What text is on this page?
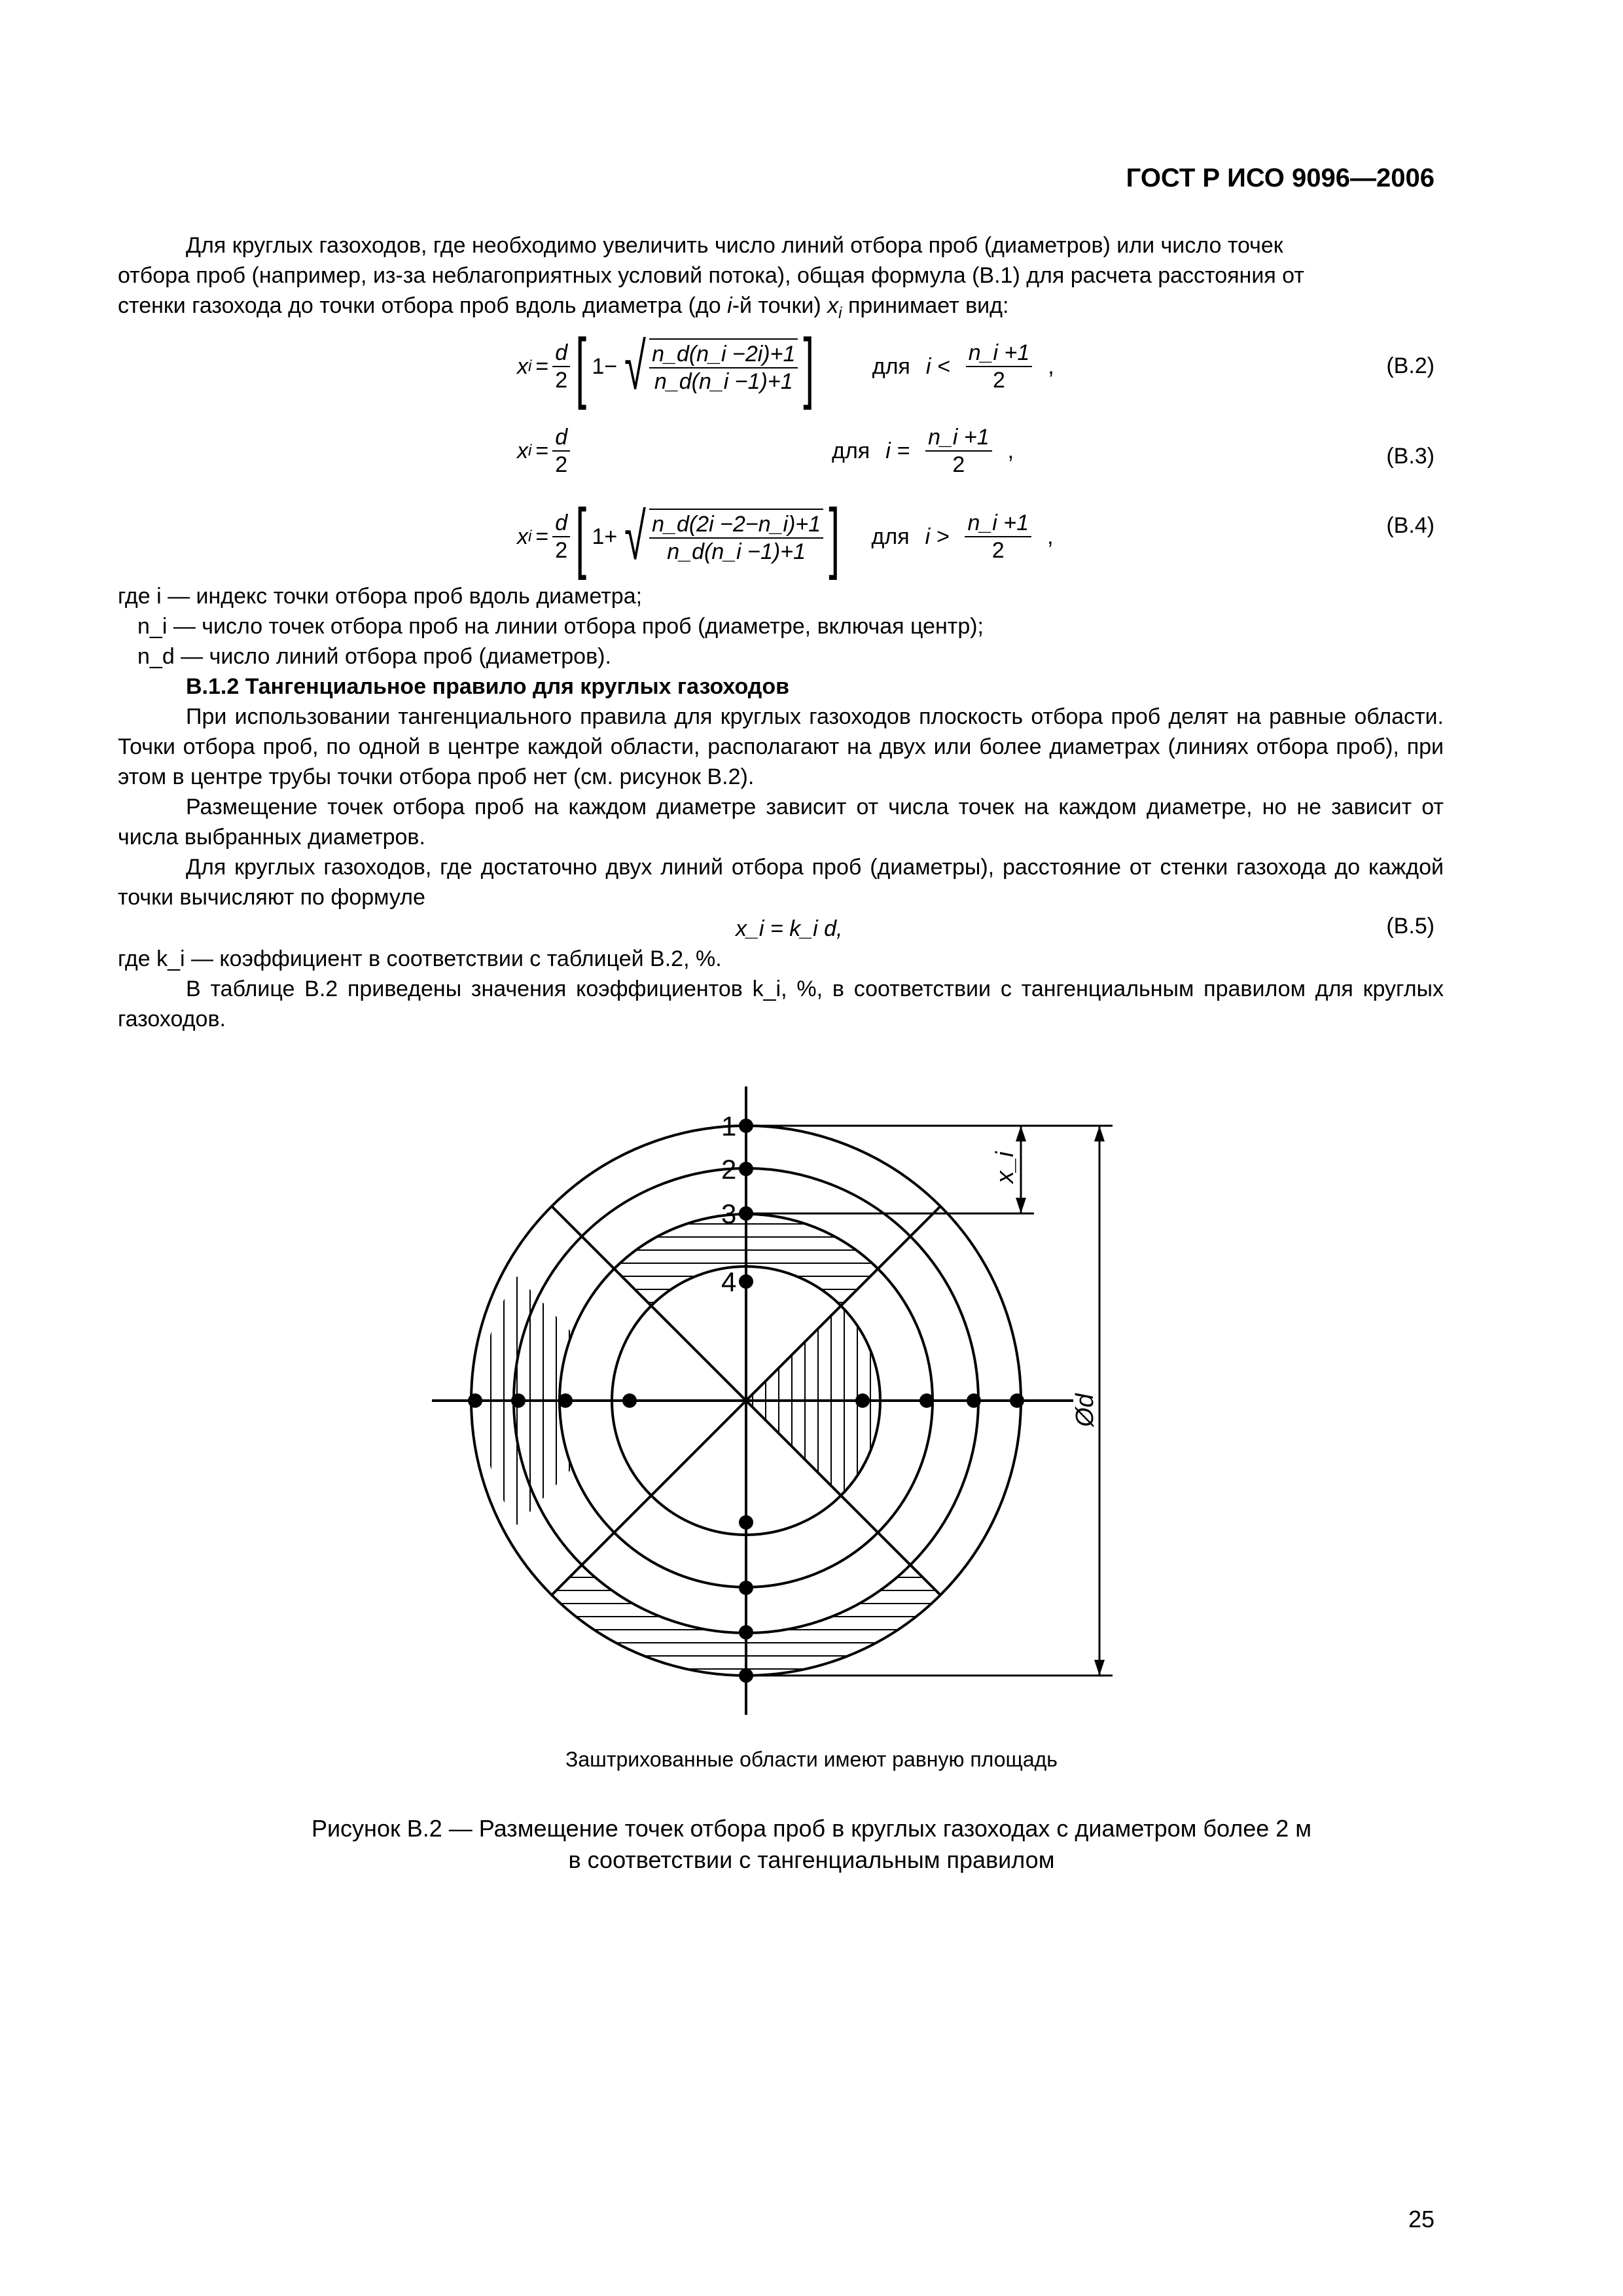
ГОСТ Р ИСО 9096—2006
Для круглых газоходов, где необходимо увеличить число линий отбора проб (диаметров) или число точек
отбора проб (например, из-за неблагоприятных условий потока), общая формула (В.1) для расчета расстояния от
стенки газохода до точки отбора проб вдоль диаметра (до i-й точки) $x_i$ принимает вид:
x $i = \frac{d}{2}$ [ 1− √ $\frac{n\_d(n\_i -2i)+1}{n\_d(n\_i -1)+1}$ ]	для $i < \frac{n\_i +1}{2}$ ,	(В.2)
x $i = \frac{d}{2}$	для $i = \frac{n\_i +1}{2}$ ,	(В.3)
x $i = \frac{d}{2}$ [ 1+ √ $\frac{n\_d(2i -2-n\_i)+1}{n\_d(n\_i -1)+1}$ ] для $i > \frac{n\_i +1}{2}$ ,	(В.4)
где i — индекс точки отбора проб вдоль диаметра;
n_i — число точек отбора проб на линии отбора проб (диаметре, включая центр);
n_d — число линий отбора проб (диаметров).
В.1.2 Тангенциальное правило для круглых газоходов

При использовании тангенциального правила для круглых газоходов плоскость отбора проб делят на равные области. Точки отбора проб, по одной в центре каждой области, располагают на двух или более диаметрах (линиях отбора проб), при этом в центре трубы точки отбора проб нет (см. рисунок В.2).

Размещение точек отбора проб на каждом диаметре зависит от числа точек на каждом диаметре, но не зависит от числа выбранных диаметров.

Для круглых газоходов, где достаточно двух линий отбора проб (диаметры), расстояние от стенки газохода до каждой точки вычисляют по формуле

x_i = k_i d,	(В.5)
где k_i — коэффициент в соответствии с таблицей В.2, %.

В таблице В.2 приведены значения коэффициентов k_i, %, в соответствии с тангенциальным правилом для круглых газоходов.

1
2
3
4
x_i
Ød
Заштрихованные области имеют равную площадь
Рисунок В.2 — Размещение точек отбора проб в круглых газоходах с диаметром более 2 м
в соответствии с тангенциальным правилом
25
